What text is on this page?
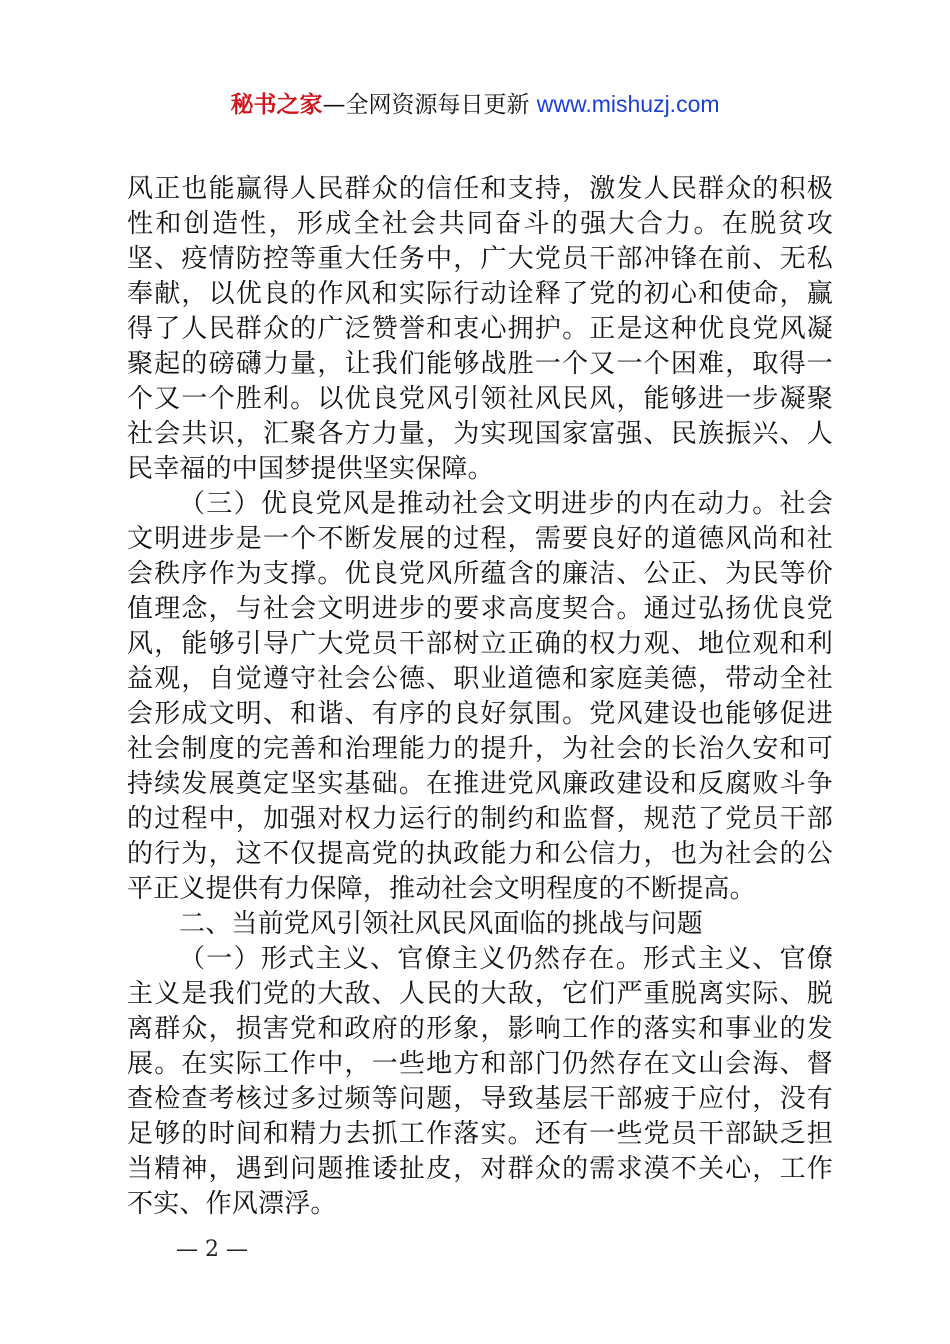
秘书之家—全网资源每日更新 www.mishuzj.com

风正也能赢得人民群众的信任和支持，激发人民群众的积极性和创造性，形成全社会共同奋斗的强大合力。在脱贫攻坚、疫情防控等重大任务中，广大党员干部冲锋在前、无私奉献，以优良的作风和实际行动诠释了党的初心和使命，赢得了人民群众的广泛赞誉和衷心拥护。正是这种优良党风凝聚起的磅礴力量，让我们能够战胜一个又一个困难，取得一个又一个胜利。以优良党风引领社风民风，能够进一步凝聚社会共识，汇聚各方力量，为实现国家富强、民族振兴、人民幸福的中国梦提供坚实保障。

（三）优良党风是推动社会文明进步的内在动力。社会文明进步是一个不断发展的过程，需要良好的道德风尚和社会秩序作为支撑。优良党风所蕴含的廉洁、公正、为民等价值理念，与社会文明进步的要求高度契合。通过弘扬优良党风，能够引导广大党员干部树立正确的权力观、地位观和利益观，自觉遵守社会公德、职业道德和家庭美德，带动全社会形成文明、和谐、有序的良好氛围。党风建设也能够促进社会制度的完善和治理能力的提升，为社会的长治久安和可持续发展奠定坚实基础。在推进党风廉政建设和反腐败斗争的过程中，加强对权力运行的制约和监督，规范了党员干部的行为，这不仅提高党的执政能力和公信力，也为社会的公平正义提供有力保障，推动社会文明程度的不断提高。

二、当前党风引领社风民风面临的挑战与问题

（一）形式主义、官僚主义仍然存在。形式主义、官僚主义是我们党的大敌、人民的大敌，它们严重脱离实际、脱离群众，损害党和政府的形象，影响工作的落实和事业的发展。在实际工作中，一些地方和部门仍然存在文山会海、督查检查考核过多过频等问题，导致基层干部疲于应付，没有足够的时间和精力去抓工作落实。还有一些党员干部缺乏担当精神，遇到问题推诿扯皮，对群众的需求漠不关心，工作不实、作风漂浮。

— 2 —
